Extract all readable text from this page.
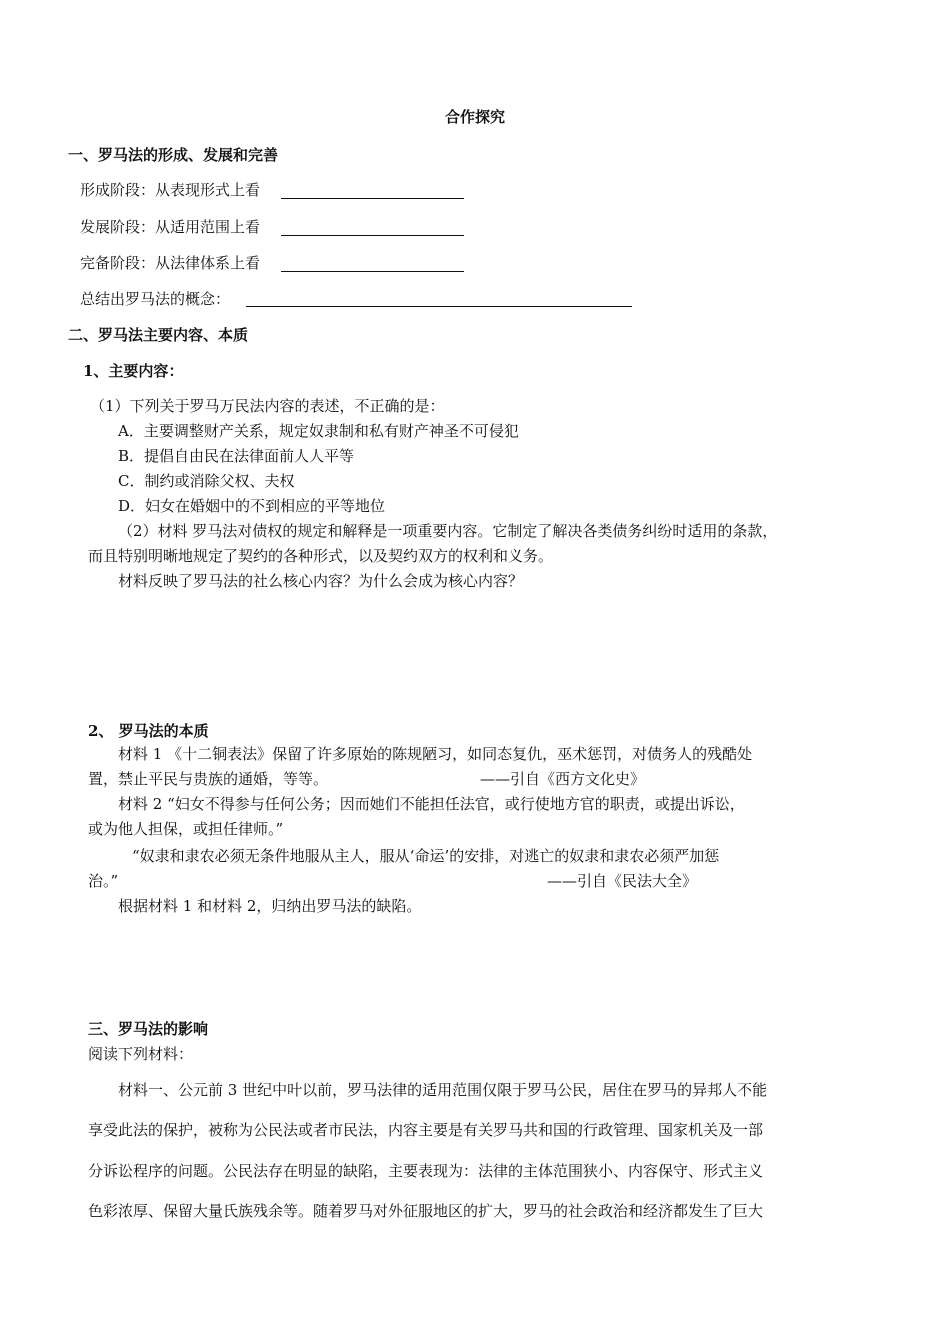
合作探究
一、罗马法的形成、发展和完善
形成阶段：从表现形式上看
发展阶段：从适用范围上看
完备阶段：从法律体系上看
总结出罗马法的概念：
二、罗马法主要内容、本质
1、主要内容：
（1）下列关于罗马万民法内容的表述，不正确的是：
A．主要调整财产关系，规定奴隶制和私有财产神圣不可侵犯
B．提倡自由民在法律面前人人平等
C．制约或消除父权、夫权
D．妇女在婚姻中的不到相应的平等地位
（2）材料 罗马法对债权的规定和解释是一项重要内容。它制定了解决各类债务纠纷时适用的条款，
而且特别明晰地规定了契约的各种形式，以及契约双方的权利和义务。
材料反映了罗马法的社么核心内容？为什么会成为核心内容？
2、 罗马法的本质
材料 1 《十二铜表法》保留了许多原始的陈规陋习，如同态复仇，巫术惩罚，对债务人的残酷处
置，禁止平民与贵族的通婚，等等。	——引自《西方文化史》
材料 2 “妇女不得参与任何公务；因而她们不能担任法官，或行使地方官的职责，或提出诉讼，
或为他人担保，或担任律师。”
“奴隶和隶农必须无条件地服从主人，服从‘命运’的安排，对逃亡的奴隶和隶农必须严加惩
治。”	——引自《民法大全》
根据材料 1 和材料 2，归纳出罗马法的缺陷。
三、罗马法的影响
阅读下列材料：
材料一、公元前 3 世纪中叶以前，罗马法律的适用范围仅限于罗马公民，居住在罗马的异邦人不能
享受此法的保护，被称为公民法或者市民法，内容主要是有关罗马共和国的行政管理、国家机关及一部
分诉讼程序的问题。公民法存在明显的缺陷，主要表现为：法律的主体范围狭小、内容保守、形式主义
色彩浓厚、保留大量氏族残余等。随着罗马对外征服地区的扩大，罗马的社会政治和经济都发生了巨大
